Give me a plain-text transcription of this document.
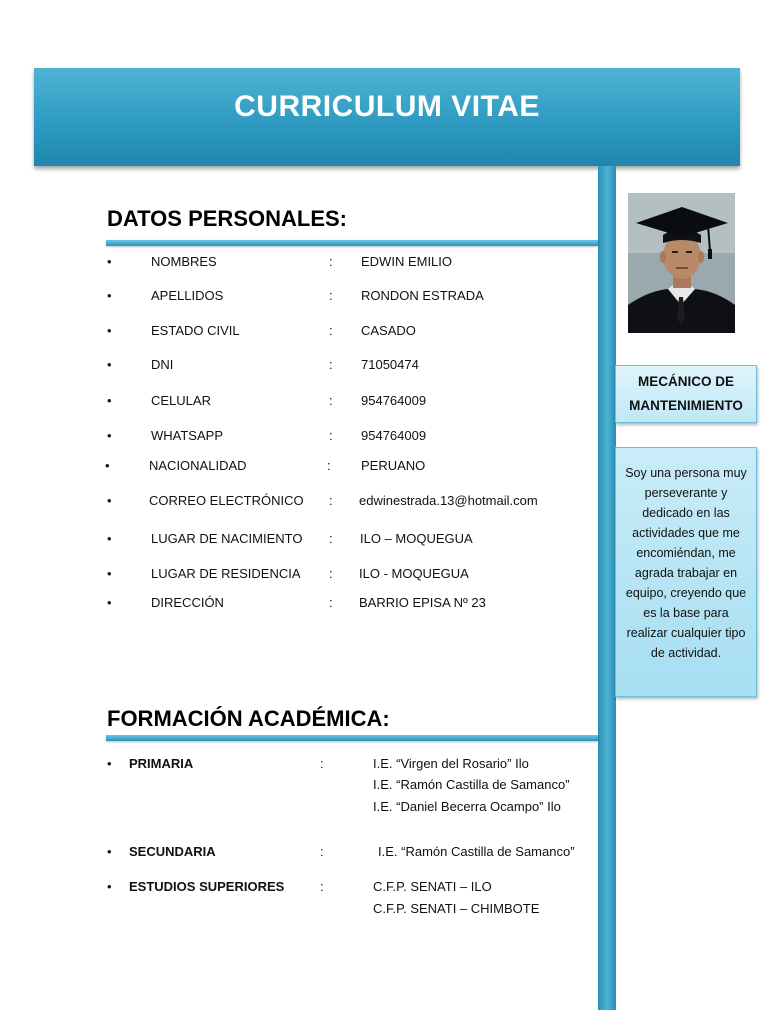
CURRICULUM VITAE
DATOS PERSONALES:
•	NOMBRES	: EDWIN EMILIO
•	APELLIDOS	: RONDON ESTRADA
•	ESTADO CIVIL	: CASADO
•	DNI	: 71050474
•	CELULAR	: 954764009
•	WHATSAPP	: 954764009
•	NACIONALIDAD	: PERUANO
•	CORREO ELECTRÓNICO : edwinestrada.13@hotmail.com
•	LUGAR DE NACIMIENTO : ILO – MOQUEGUA
•	LUGAR DE RESIDENCIA : ILO - MOQUEGUA
•	DIRECCIÓN	: BARRIO EPISA Nº 23
FORMACIÓN ACADÉMICA:
• PRIMARIA	:	I.E. “Virgen del Rosario” Ilo
I.E. “Ramón Castilla de Samanco”
I.E. “Daniel Becerra Ocampo” Ilo
• SECUNDARIA	:	I.E. “Ramón Castilla de Samanco”
• ESTUDIOS SUPERIORES	:	C.F.P. SENATI – ILO
C.F.P. SENATI – CHIMBOTE
MECÁNICO DE
MANTENIMIENTO
Soy una persona muy
perseverante y
dedicado en las
actividades que me
encomiéndan, me
agrada trabajar en
equipo, creyendo que
es la base para
realizar cualquier tipo
de actividad.
